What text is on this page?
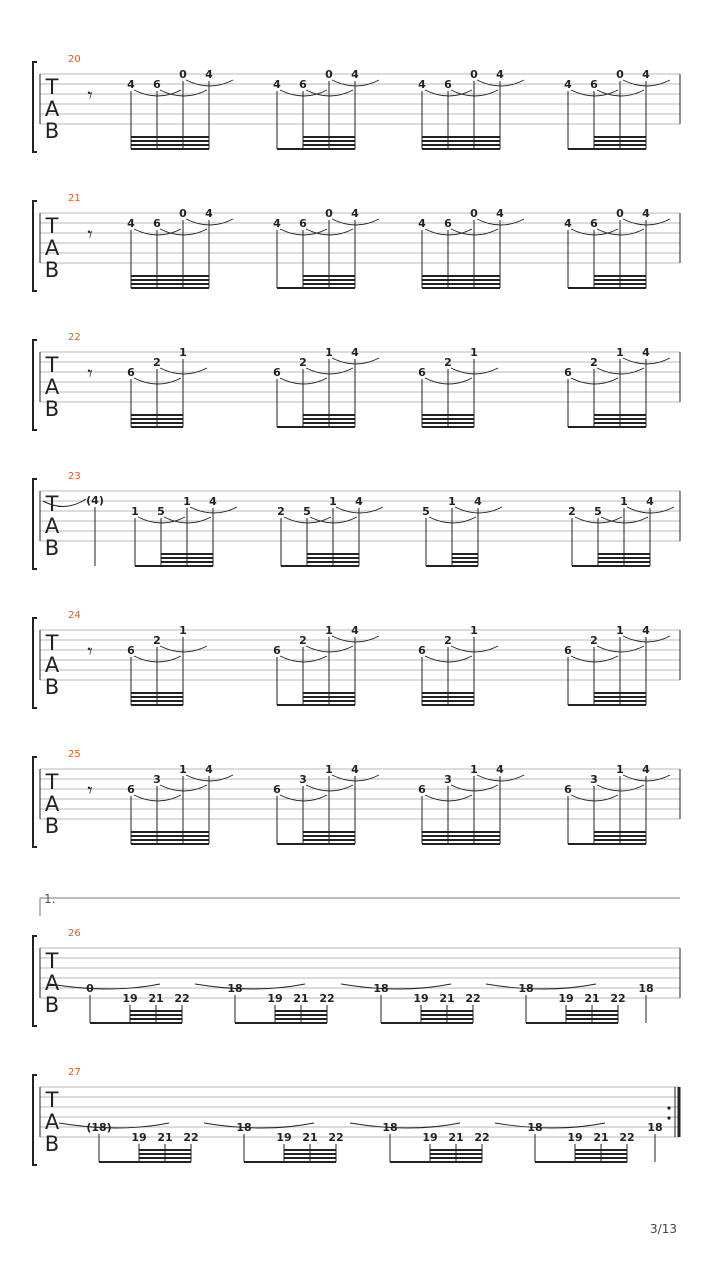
20
T
A
B
𝄾	4 6
0 4
4 6
0 4
4 6
0 4
4 6
0 4
21
T
A
B
𝄾	4 6
0 4
4 6
0 4
4 6
0 4
4 6
0 4
22
T
A
B
𝄾	6
2
1
6
2
1 4
6
2
1
6
2
1 4
23
T
A
B
(4)
1 5
1 4
2 5
1 4
5
1 4
2 5
1 4
24
T
A
B
𝄾	6
2
1
6
2
1 4
6
2
1
6
2
1 4
25
T
A
B
𝄾	6
3
1 4
6
3
1 4
6
3
1 4
6
3
1 4
26
T
A
B
1.
0
19 21 22
18
19 21 22
18
19 21 22
18
19 21 22
18
27
T
A
B
(18)
19 21 22
18
19 21 22
18
19 21 22
18
19 21 22
18
3/13
